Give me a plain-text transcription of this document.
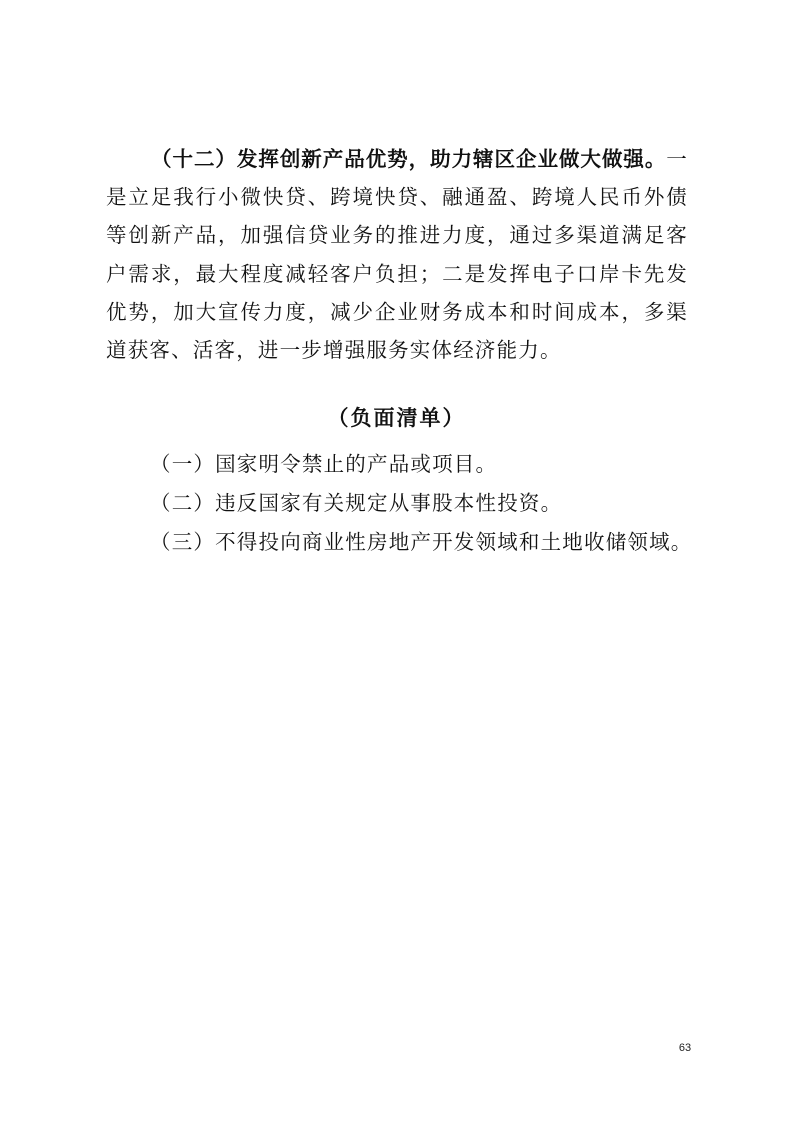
（十二）发挥创新产品优势，助力辖区企业做大做强。一是立足我行小微快贷、跨境快贷、融通盈、跨境人民币外债等创新产品，加强信贷业务的推进力度，通过多渠道满足客户需求，最大程度减轻客户负担；二是发挥电子口岸卡先发优势，加大宣传力度，减少企业财务成本和时间成本，多渠道获客、活客，进一步增强服务实体经济能力。

（负面清单）
（一）国家明令禁止的产品或项目。
（二）违反国家有关规定从事股本性投资。
（三）不得投向商业性房地产开发领域和土地收储领域。
63
